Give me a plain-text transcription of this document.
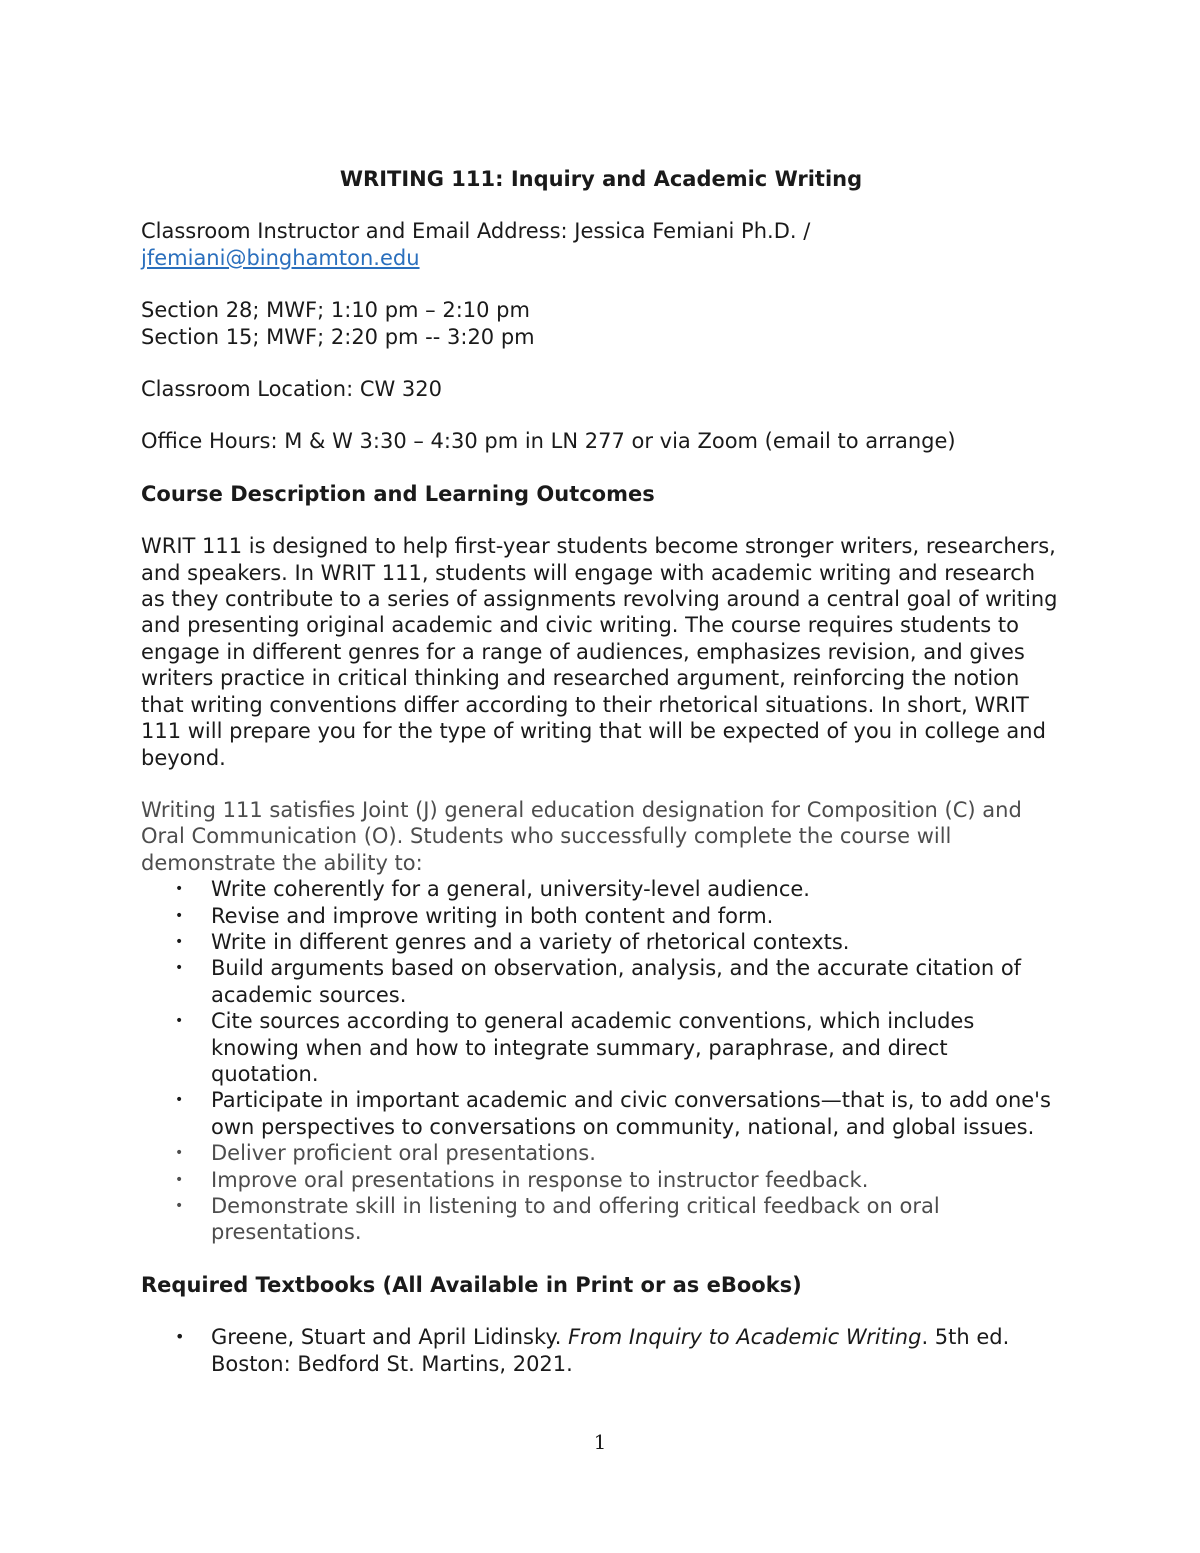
WRITING 111: Inquiry and Academic Writing

Classroom Instructor and Email Address: Jessica Femiani Ph.D. /
jfemiani@binghamton.edu

Section 28; MWF; 1:10 pm – 2:10 pm
Section 15; MWF; 2:20 pm -- 3:20 pm

Classroom Location: CW 320

Office Hours: M & W 3:30 – 4:30 pm in LN 277 or via Zoom (email to arrange)

Course Description and Learning Outcomes

WRIT 111 is designed to help first-year students become stronger writers, researchers, and speakers. In WRIT 111, students will engage with academic writing and research as they contribute to a series of assignments revolving around a central goal of writing and presenting original academic and civic writing. The course requires students to engage in different genres for a range of audiences, emphasizes revision, and gives writers practice in critical thinking and researched argument, reinforcing the notion that writing conventions differ according to their rhetorical situations. In short, WRIT 111 will prepare you for the type of writing that will be expected of you in college and beyond.

Writing 111 satisfies Joint (J) general education designation for Composition (C) and Oral Communication (O). Students who successfully complete the course will demonstrate the ability to:

• Write coherently for a general, university-level audience.
• Revise and improve writing in both content and form.
• Write in different genres and a variety of rhetorical contexts.
• Build arguments based on observation, analysis, and the accurate citation of academic sources.
• Cite sources according to general academic conventions, which includes knowing when and how to integrate summary, paraphrase, and direct quotation.
• Participate in important academic and civic conversations—that is, to add one's own perspectives to conversations on community, national, and global issues.
• Deliver proficient oral presentations.
• Improve oral presentations in response to instructor feedback.
• Demonstrate skill in listening to and offering critical feedback on oral presentations.
Required Textbooks (All Available in Print or as eBooks)
• Greene, Stuart and April Lidinsky. From Inquiry to Academic Writing. 5th ed. Boston: Bedford St. Martins, 2021.
1
